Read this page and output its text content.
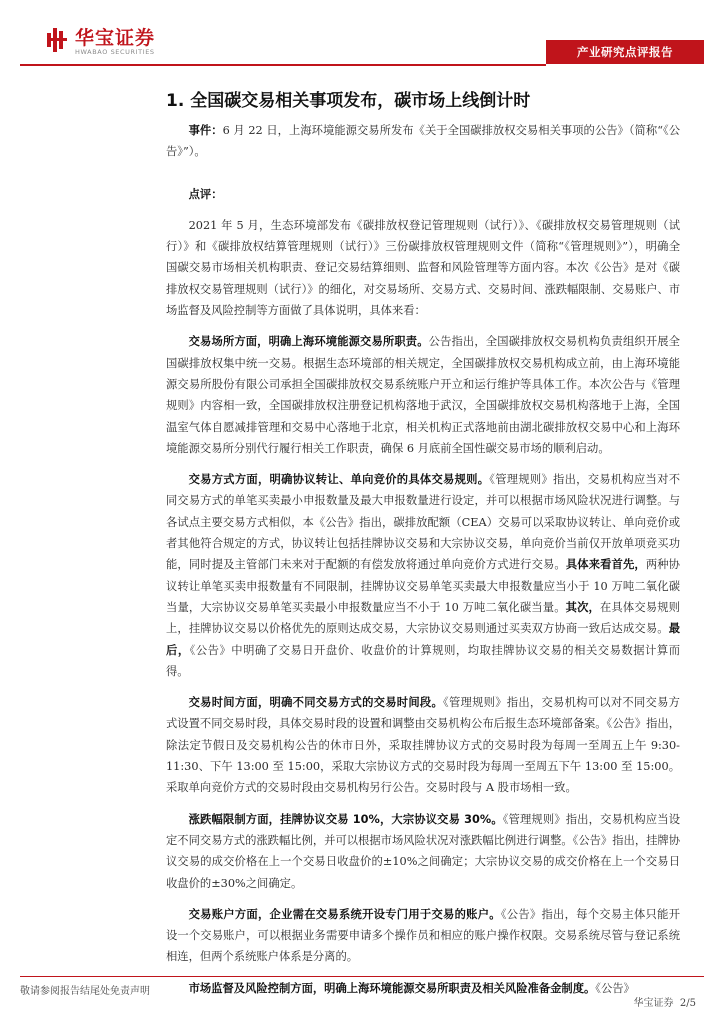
华宝证券
HWABAO SECURITIES	产业研究点评报告
1. 全国碳交易相关事项发布，碳市场上线倒计时

事件：6 月 22 日，上海环境能源交易所发布《关于全国碳排放权交易相关事项的公告》（简称“《公告》”）。

点评：

2021 年 5 月，生态环境部发布《碳排放权登记管理规则（试行）》、《碳排放权交易管理规则（试行）》和《碳排放权结算管理规则（试行）》三份碳排放权管理规则文件（简称“《管理规则》”），明确全国碳交易市场相关机构职责、登记交易结算细则、监督和风险管理等方面内容。本次《公告》是对《碳排放权交易管理规则（试行）》的细化，对交易场所、交易方式、交易时间、涨跌幅限制、交易账户、市场监督及风险控制等方面做了具体说明，具体来看：

交易场所方面，明确上海环境能源交易所职责。公告指出，全国碳排放权交易机构负责组织开展全国碳排放权集中统一交易。根据生态环境部的相关规定，全国碳排放权交易机构成立前，由上海环境能源交易所股份有限公司承担全国碳排放权交易系统账户开立和运行维护等具体工作。本次公告与《管理规则》内容相一致，全国碳排放权注册登记机构落地于武汉，全国碳排放权交易机构落地于上海，全国温室气体自愿减排管理和交易中心落地于北京，相关机构正式落地前由湖北碳排放权交易中心和上海环境能源交易所分别代行履行相关工作职责，确保 6 月底前全国性碳交易市场的顺利启动。

交易方式方面，明确协议转让、单向竞价的具体交易规则。《管理规则》指出，交易机构应当对不同交易方式的单笔买卖最小申报数量及最大申报数量进行设定，并可以根据市场风险状况进行调整。与各试点主要交易方式相似，本《公告》指出，碳排放配额（CEA）交易可以采取协议转让、单向竞价或者其他符合规定的方式，协议转让包括挂牌协议交易和大宗协议交易，单向竞价当前仅开放单项竞买功能，同时提及主管部门未来对于配额的有偿发放将通过单向竞价方式进行交易。具体来看首先，两种协议转让单笔买卖申报数量有不同限制，挂牌协议交易单笔买卖最大申报数量应当小于 10 万吨二氧化碳当量，大宗协议交易单笔买卖最小申报数量应当不小于 10 万吨二氧化碳当量。其次，在具体交易规则上，挂牌协议交易以价格优先的原则达成交易，大宗协议交易则通过买卖双方协商一致后达成交易。最后，《公告》中明确了交易日开盘价、收盘价的计算规则，均取挂牌协议交易的相关交易数据计算而得。

交易时间方面，明确不同交易方式的交易时间段。《管理规则》指出，交易机构可以对不同交易方式设置不同交易时段，具体交易时段的设置和调整由交易机构公布后报生态环境部备案。《公告》指出，除法定节假日及交易机构公告的休市日外，采取挂牌协议方式的交易时段为每周一至周五上午 9:30-11:30、下午 13:00 至 15:00，采取大宗协议方式的交易时段为每周一至周五下午 13:00 至 15:00。采取单向竞价方式的交易时段由交易机构另行公告。交易时段与 A 股市场相一致。

涨跌幅限制方面，挂牌协议交易 10%，大宗协议交易 30%。《管理规则》指出，交易机构应当设定不同交易方式的涨跌幅比例，并可以根据市场风险状况对涨跌幅比例进行调整。《公告》指出，挂牌协议交易的成交价格在上一个交易日收盘价的±10%之间确定；大宗协议交易的成交价格在上一个交易日收盘价的±30%之间确定。

交易账户方面，企业需在交易系统开设专门用于交易的账户。《公告》指出，每个交易主体只能开设一个交易账户，可以根据业务需要申请多个操作员和相应的账户操作权限。交易系统尽管与登记系统相连，但两个系统账户体系是分离的。

市场监督及风险控制方面，明确上海环境能源交易所职责及相关风险准备金制度。《公告》

敬请参阅报告结尾处免责声明
华宝证券 2/5
